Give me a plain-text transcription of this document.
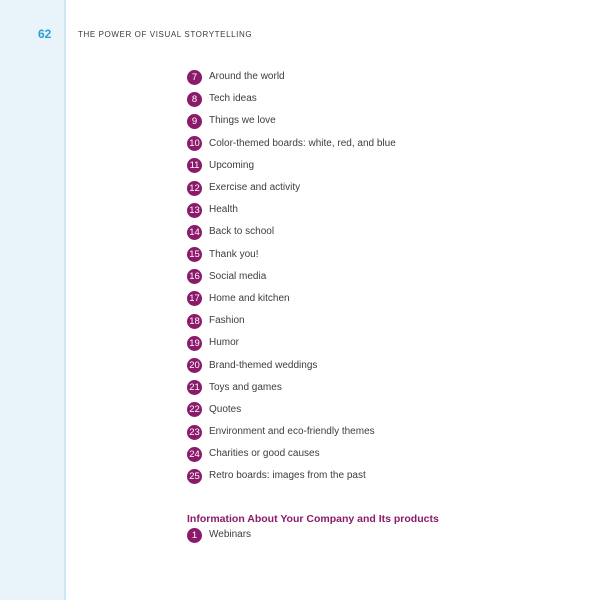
62	THE POWER OF VISUAL STORYTELLING
7	Around the world
8	Tech ideas
9	Things we love
10 Color-themed boards: white, red, and blue
11 Upcoming
12 Exercise and activity
13 Health
14 Back to school
15 Thank you!
16 Social media
17 Home and kitchen
18 Fashion
19 Humor
20 Brand-themed weddings
21 Toys and games
22 Quotes
23 Environment and eco-friendly themes
24 Charities or good causes
25 Retro boards: images from the past
Information About Your Company and Its products
1	Webinars
